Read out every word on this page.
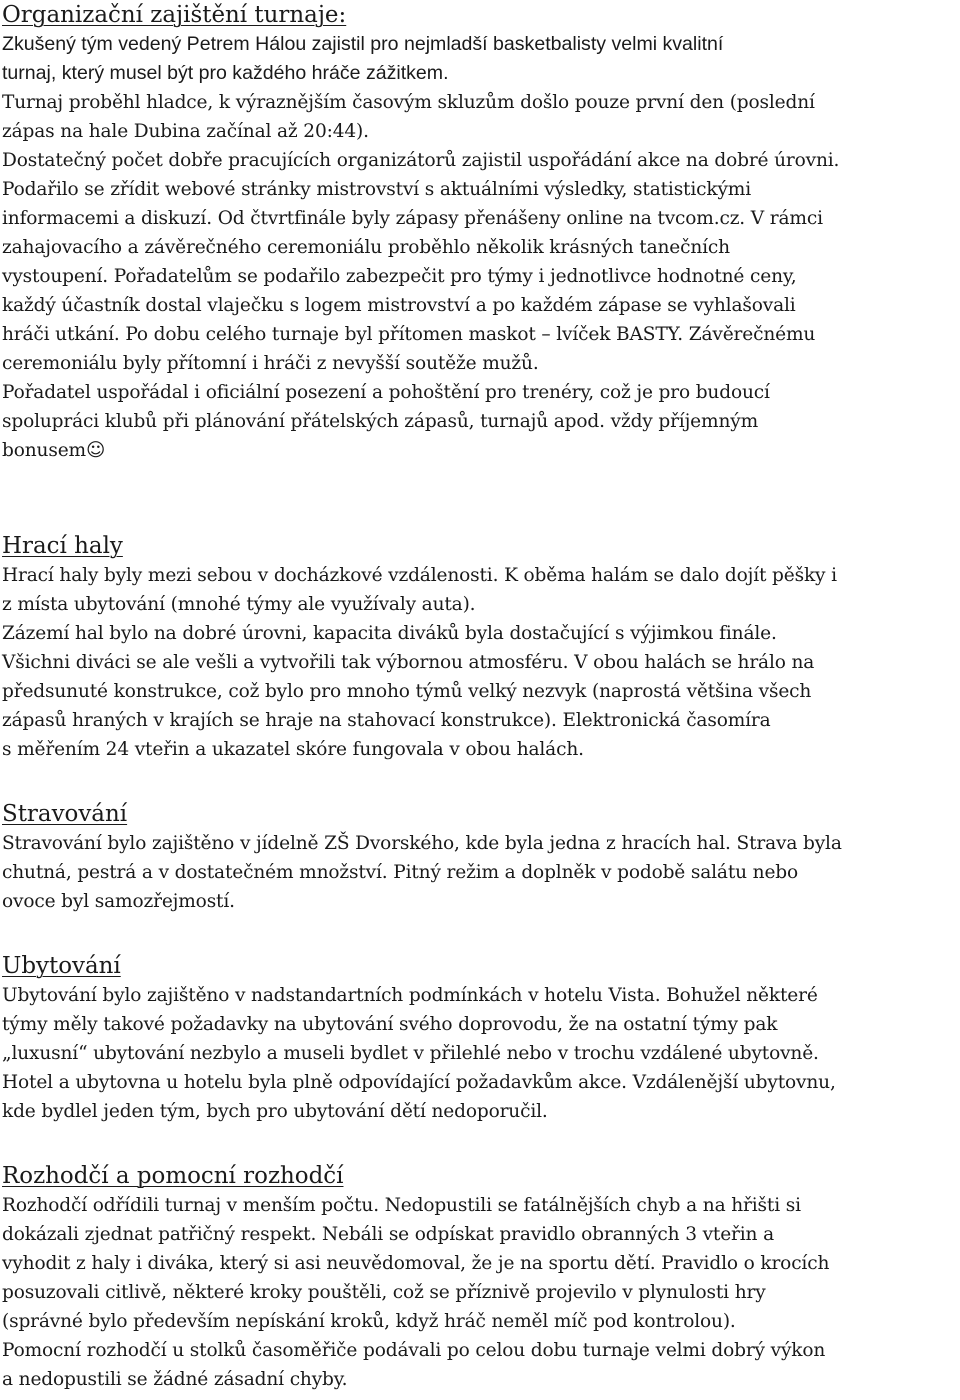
Organizační zajištění turnaje:
Zkušený tým vedený Petrem Hálou zajistil pro nejmladší basketbalisty velmi kvalitní
turnaj, který musel být pro každého hráče zážitkem.
Turnaj proběhl hladce, k výraznějším časovým skluzům došlo pouze první den (poslední
zápas na hale Dubina začínal až 20:44).
Dostatečný počet dobře pracujících organizátorů zajistil uspořádání akce na dobré úrovni.
Podařilo se zřídit webové stránky mistrovství s aktuálními výsledky, statistickými
informacemi a diskuzí. Od čtvrtfinále byly zápasy přenášeny online na tvcom.cz. V rámci
zahajovacího a závěrečného ceremoniálu proběhlo několik krásných tanečních
vystoupení. Pořadatelům se podařilo zabezpečit pro týmy i jednotlivce hodnotné ceny,
každý účastník dostal vlaječku s logem mistrovství a po každém zápase se vyhlašovali
hráči utkání. Po dobu celého turnaje byl přítomen maskot – lvíček BASTY. Závěrečnému
ceremoniálu byly přítomní i hráči z nevyšší soutěže mužů.
Pořadatel uspořádal i oficiální posezení a pohoštění pro trenéry, což je pro budoucí
spolupráci klubů při plánování přátelských zápasů, turnajů apod. vždy příjemným
bonusem☺
Hrací haly
Hrací haly byly mezi sebou v docházkové vzdálenosti. K oběma halám se dalo dojít pěšky i
z místa ubytování (mnohé týmy ale využívaly auta).
Zázemí hal bylo na dobré úrovni, kapacita diváků byla dostačující s výjimkou finále.
Všichni diváci se ale vešli a vytvořili tak výbornou atmosféru. V obou halách se hrálo na
předsunuté konstrukce, což bylo pro mnoho týmů velký nezvyk (naprostá většina všech
zápasů hraných v krajích se hraje na stahovací konstrukce). Elektronická časomíra
s měřením 24 vteřin a ukazatel skóre fungovala v obou halách.
Stravování
Stravování bylo zajištěno v jídelně ZŠ Dvorského, kde byla jedna z hracích hal. Strava byla
chutná, pestrá a v dostatečném množství. Pitný režim a doplněk v podobě salátu nebo
ovoce byl samozřejmostí.
Ubytování
Ubytování bylo zajištěno v nadstandartních podmínkách v hotelu Vista. Bohužel některé
týmy měly takové požadavky na ubytování svého doprovodu, že na ostatní týmy pak
„luxusní“ ubytování nezbylo a museli bydlet v přilehlé nebo v trochu vzdálené ubytovně.
Hotel a ubytovna u hotelu byla plně odpovídající požadavkům akce. Vzdálenější ubytovnu,
kde bydlel jeden tým, bych pro ubytování dětí nedoporučil.
Rozhodčí a pomocní rozhodčí
Rozhodčí odřídili turnaj v menším počtu. Nedopustili se fatálnějších chyb a na hřišti si
dokázali zjednat patřičný respekt. Nebáli se odpískat pravidlo obranných 3 vteřin a
vyhodit z haly i diváka, který si asi neuvědomoval, že je na sportu dětí. Pravidlo o krocích
posuzovali citlivě, některé kroky pouštěli, což se příznivě projevilo v plynulosti hry
(správné bylo především nepískání kroků, když hráč neměl míč pod kontrolou).
Pomocní rozhodčí u stolků časoměřiče podávali po celou dobu turnaje velmi dobrý výkon
a nedopustili se žádné zásadní chyby.
